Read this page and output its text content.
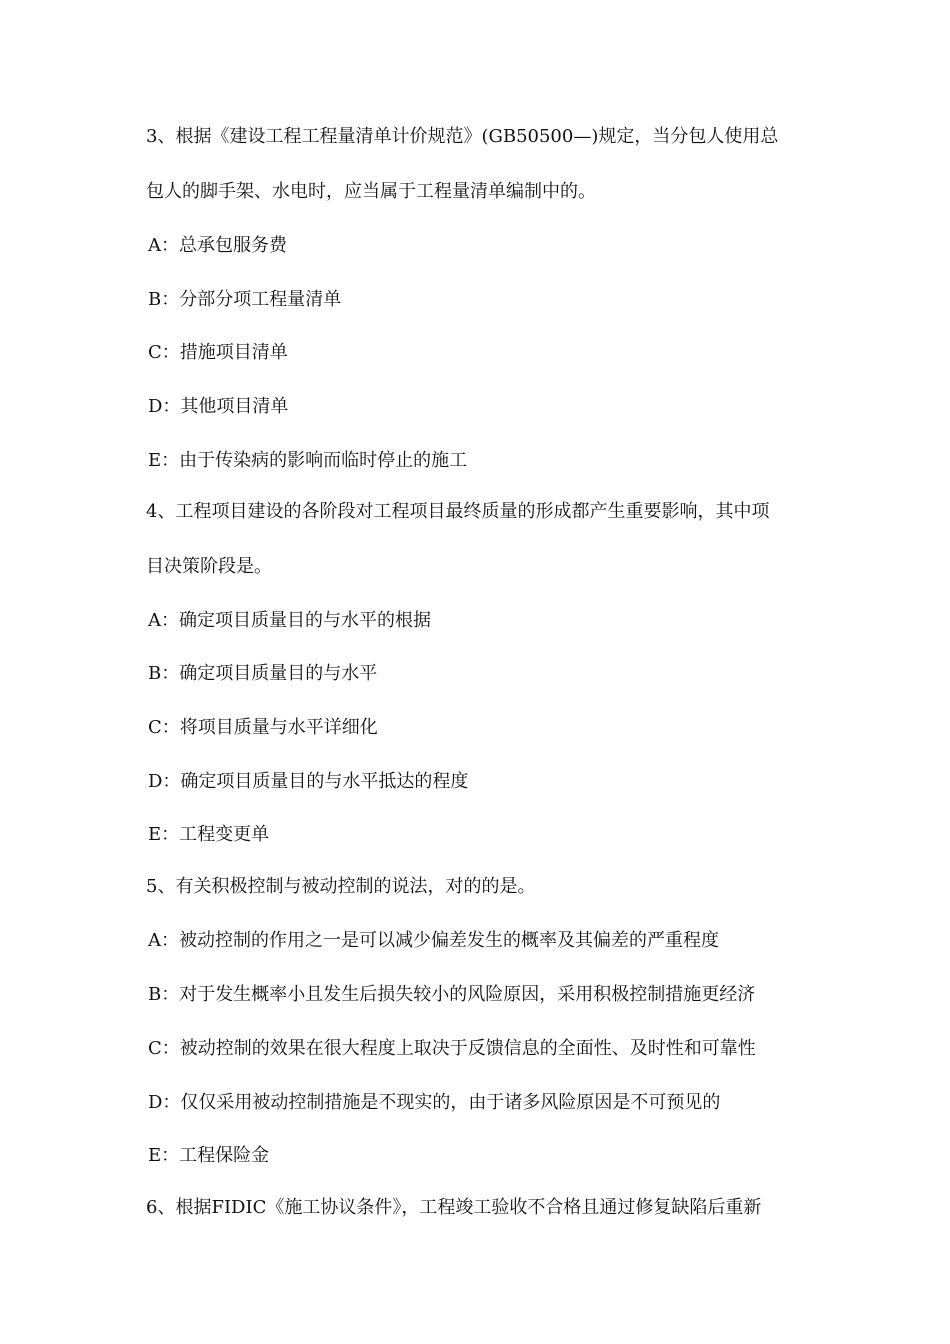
3、根据《建设工程工程量清单计价规范》(GB50500—)规定，当分包人使用总
包人的脚手架、水电时，应当属于工程量清单编制中的。
A：总承包服务费
B：分部分项工程量清单
C：措施项目清单
D：其他项目清单
E：由于传染病的影响而临时停止的施工
4、工程项目建设的各阶段对工程项目最终质量的形成都产生重要影响，其中项
目决策阶段是。
A：确定项目质量目的与水平的根据
B：确定项目质量目的与水平
C：将项目质量与水平详细化
D：确定项目质量目的与水平抵达的程度
E：工程变更单
5、有关积极控制与被动控制的说法，对的的是。
A：被动控制的作用之一是可以减少偏差发生的概率及其偏差的严重程度
B：对于发生概率小且发生后损失较小的风险原因，采用积极控制措施更经济
C：被动控制的效果在很大程度上取决于反馈信息的全面性、及时性和可靠性
D：仅仅采用被动控制措施是不现实的，由于诸多风险原因是不可预见的
E：工程保险金
6、根据FIDIC《施工协议条件》，工程竣工验收不合格且通过修复缺陷后重新
